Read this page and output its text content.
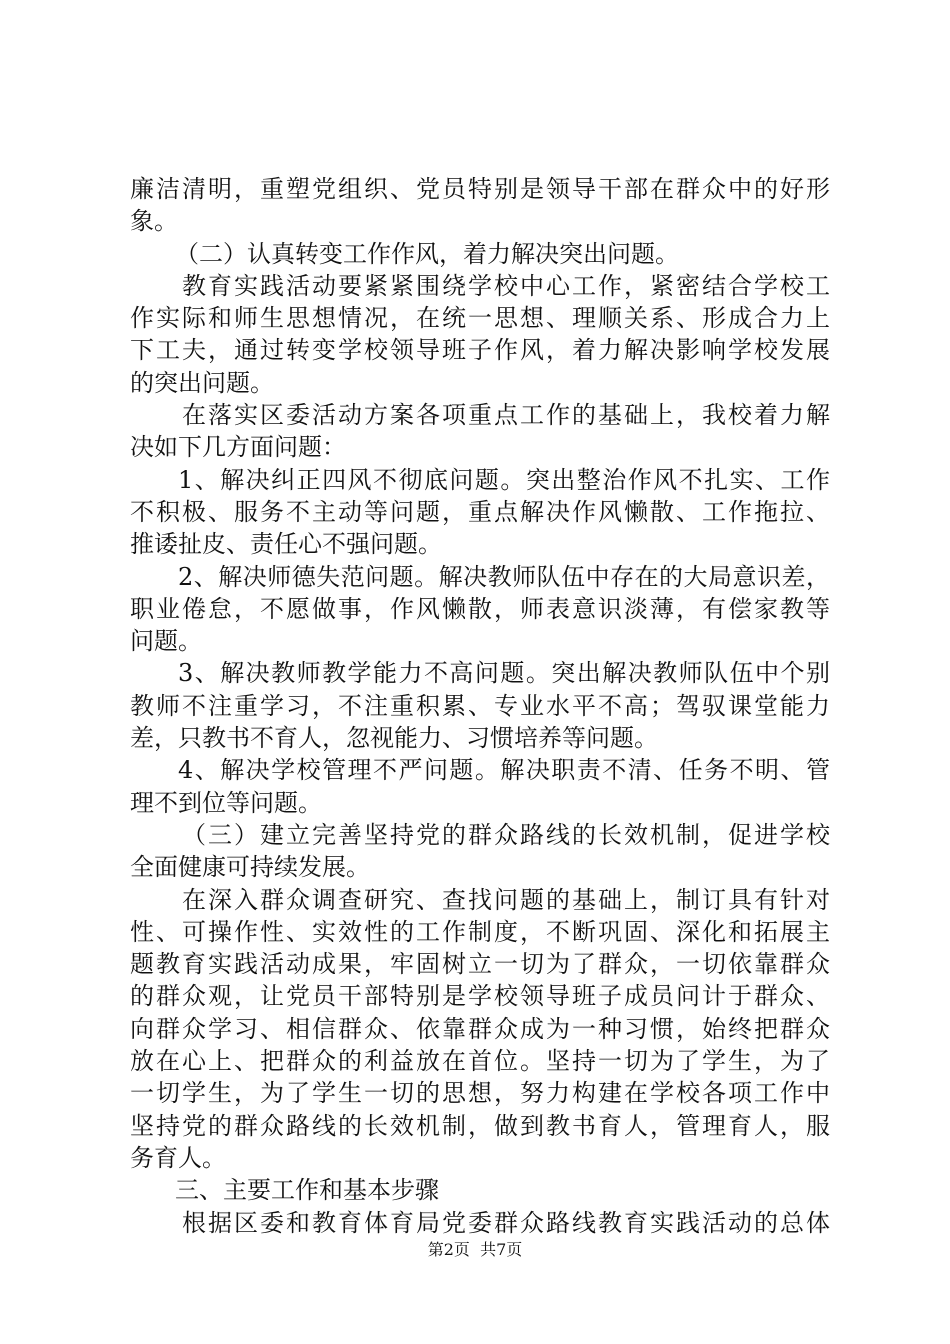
廉洁清明，重塑党组织、党员特别是领导干部在群众中的好形
象。
（二）认真转变工作作风，着力解决突出问题。
教育实践活动要紧紧围绕学校中心工作，紧密结合学校工
作实际和师生思想情况，在统一思想、理顺关系、形成合力上
下工夫，通过转变学校领导班子作风，着力解决影响学校发展
的突出问题。
在落实区委活动方案各项重点工作的基础上，我校着力解
决如下几方面问题：
1、解决纠正四风不彻底问题。突出整治作风不扎实、工作
不积极、服务不主动等问题，重点解决作风懒散、工作拖拉、
推诿扯皮、责任心不强问题。
2、解决师德失范问题。解决教师队伍中存在的大局意识差，
职业倦怠，不愿做事，作风懒散，师表意识淡薄，有偿家教等
问题。
3、解决教师教学能力不高问题。突出解决教师队伍中个别
教师不注重学习，不注重积累、专业水平不高；驾驭课堂能力
差，只教书不育人，忽视能力、习惯培养等问题。
4、解决学校管理不严问题。解决职责不清、任务不明、管
理不到位等问题。
（三）建立完善坚持党的群众路线的长效机制，促进学校
全面健康可持续发展。
在深入群众调查研究、查找问题的基础上，制订具有针对
性、可操作性、实效性的工作制度，不断巩固、深化和拓展主
题教育实践活动成果，牢固树立一切为了群众，一切依靠群众
的群众观，让党员干部特别是学校领导班子成员问计于群众、
向群众学习、相信群众、依靠群众成为一种习惯，始终把群众
放在心上、把群众的利益放在首位。坚持一切为了学生，为了
一切学生，为了学生一切的思想，努力构建在学校各项工作中
坚持党的群众路线的长效机制，做到教书育人，管理育人，服
务育人。
三、主要工作和基本步骤
根据区委和教育体育局党委群众路线教育实践活动的总体
第2页  共7页
